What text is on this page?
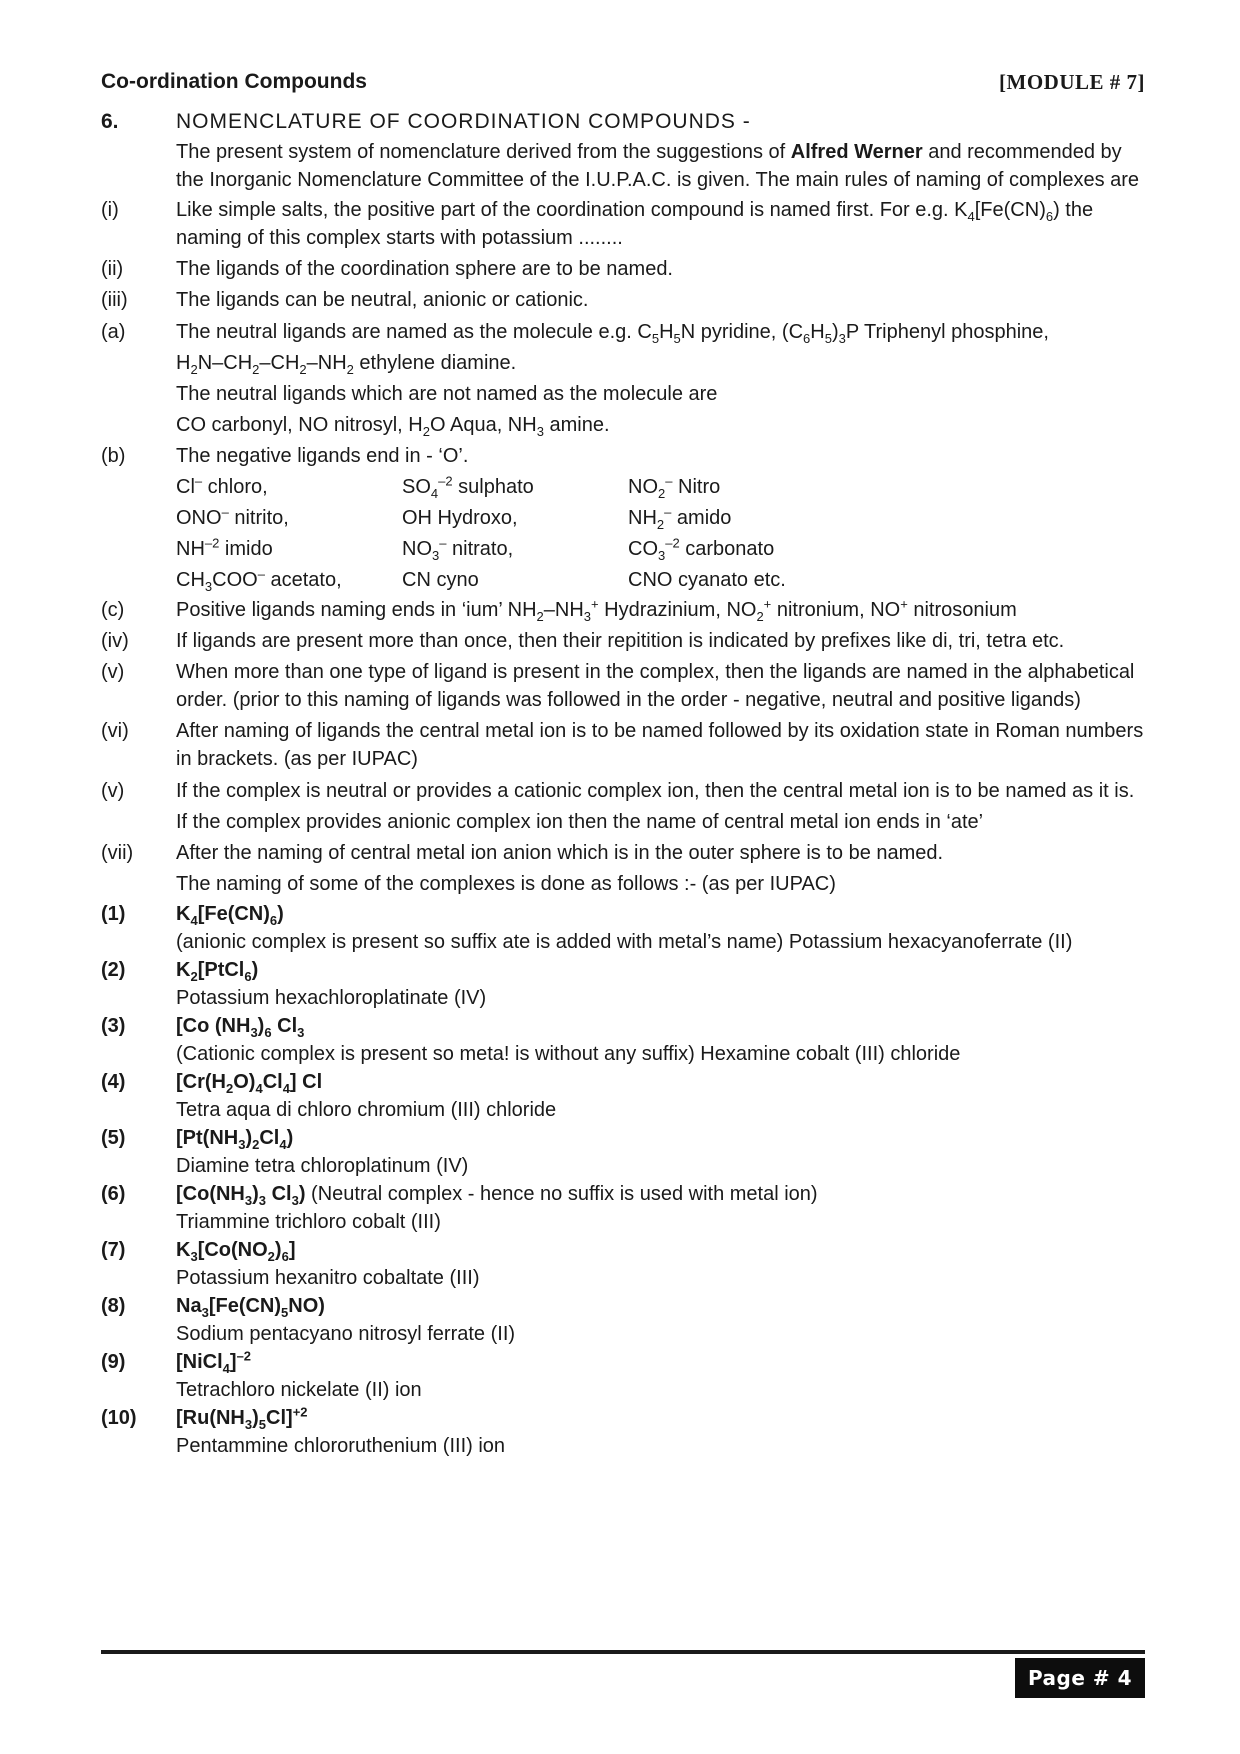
Co-ordination Compounds	[MODULE # 7]
6.	NOMENCLATURE OF COORDINATION COMPOUNDS -
The present system of nomenclature derived from the suggestions of Alfred Werner and recommended by the Inorganic Nomenclature Committee of the I.U.P.A.C. is given. The main rules of naming of complexes are
(i)	Like simple salts, the positive part of the coordination compound is named first. For e.g. $K_4[Fe(CN)_6)$ the naming of this complex starts with potassium ........
(ii)	The ligands of the coordination sphere are to be named.
(iii)	The ligands can be neutral, anionic or cationic.
(a)	The neutral ligands are named as the molecule e.g. $C_5H_5N$ pyridine, $(C_6H_5)_3P$ Triphenyl phosphine,
$H_2N-CH_2-CH_2-NH_2$ ethylene diamine.
The neutral ligands which are not named as the molecule are
CO carbonyl, NO nitrosyl, $H_2O$ Aqua, $NH_3$ amine.
(b)	The negative ligands end in - ‘O’.
Cl– chloro,	$SO_4^{-2}$ sulphato	$NO_2^-$ Nitro
ONO– nitrito,	OH Hydroxo,	$NH_2^-$ amido
$NH^{-2}$ imido	$NO_3^-$ nitrato,	$CO_3^{-2}$ carbonato
$CH_3COO^-$ acetato,	CN cyno	CNO cyanato etc.
(c)	Positive ligands naming ends in ‘ium’ $NH_2-NH_3^+$ Hydrazinium, $NO_2^+$ nitronium, NO+ nitrosonium
(iv)	If ligands are present more than once, then their repitition is indicated by prefixes like di, tri, tetra etc.
(v)	When more than one type of ligand is present in the complex, then the ligands are named in the alphabetical order. (prior to this naming of ligands was followed in the order - negative, neutral and positive ligands)
(vi)	After naming of ligands the central metal ion is to be named followed by its oxidation state in Roman numbers in brackets. (as per IUPAC)
(v)	If the complex is neutral or provides a cationic complex ion, then the central metal ion is to be named as it is.
If the complex provides anionic complex ion then the name of central metal ion ends in ‘ate’
(vii)	After the naming of central metal ion anion which is in the outer sphere is to be named.
The naming of some of the complexes is done as follows :- (as per IUPAC)
(1)	$K_4[Fe(CN)_6)$
(anionic complex is present so suffix ate is added with metal’s name) Potassium hexacyanoferrate (II)
(2)	$K_2[PtCl_6)$
Potassium hexachloroplatinate (IV)
(3)	[Co $(NH_3)_6$ $Cl_3$
(Cationic complex is present so meta! is without any suffix) Hexamine cobalt (III) chloride
(4)	$[Cr(H_2O)_4Cl_4]$ Cl
Tetra aqua di chloro chromium (III) chloride
(5)	$[Pt(NH_3)_2Cl_4)$
Diamine tetra chloroplatinum (IV)
(6)	[$Co(NH_3)_3$ $Cl_3$) (Neutral complex - hence no suffix is used with metal ion)
Triammine trichloro cobalt (III)
(7)	$K_3[Co(NO_2)_6]$
Potassium hexanitro cobaltate (III)
(8)	$Na_3[Fe(CN)_5NO)$
Sodium pentacyano nitrosyl ferrate (II)
(9)	[NiCl$_4$]$^{-2}$
Tetrachloro nickelate (II) ion
(10)	$[Ru(NH_3)_5Cl]^{+2}$
Pentammine chlororuthenium (III) ion
Page # 4
